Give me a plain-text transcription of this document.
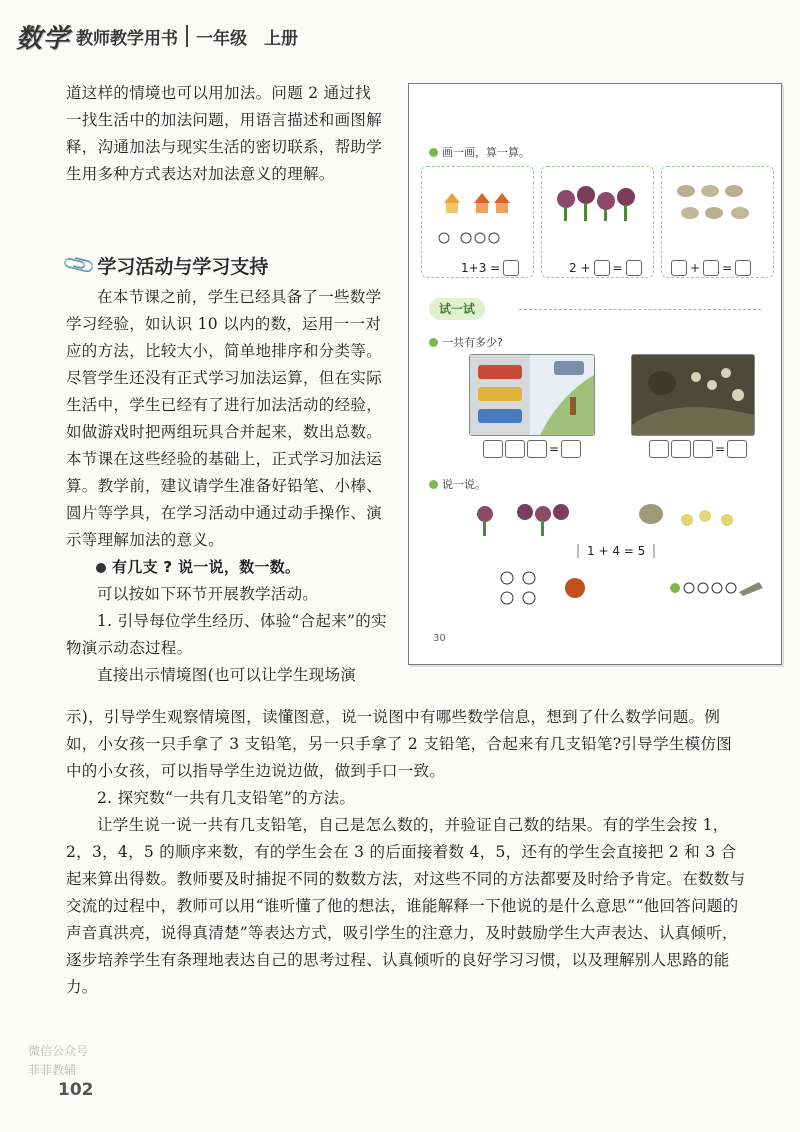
数学 教师教学用书 一年级　上册

道这样的情境也可以用加法。问题 2 通过找一找生活中的加法问题，用语言描述和画图解释，沟通加法与现实生活的密切联系，帮助学生用多种方式表达对加法意义的理解。

📎 学习活动与学习支持

在本节课之前，学生已经具备了一些数学学习经验，如认识 10 以内的数，运用一一对应的方法，比较大小，简单地排序和分类等。尽管学生还没有正式学习加法运算，但在实际生活中，学生已经有了进行加法活动的经验，如做游戏时把两组玩具合并起来，数出总数。本节课在这些经验的基础上，正式学习加法运算。教学前，建议请学生准备好铅笔、小棒、圆片等学具，在学习活动中通过动手操作、演示等理解加法的意义。

有几支 ? 说一说，数一数。

可以按如下环节开展教学活动。

1. 引导每位学生经历、体验“合起来”的实物演示动态过程。

直接出示情境图(也可以让学生现场演

示)，引导学生观察情境图，读懂图意，说一说图中有哪些数学信息，想到了什么数学问题。例如，小女孩一只手拿了 3 支铅笔，另一只手拿了 2 支铅笔，合起来有几支铅笔?引导学生模仿图中的小女孩，可以指导学生边说边做，做到手口一致。

2. 探究数“一共有几支铅笔”的方法。

让学生说一说一共有几支铅笔，自己是怎么数的，并验证自己数的结果。有的学生会按 1，2，3，4，5 的顺序来数，有的学生会在 3 的后面接着数 4，5，还有的学生会直接把 2 和 3 合起来算出得数。教师要及时捕捉不同的数数方法，对这些不同的方法都要及时给予肯定。在数数与交流的过程中，教师可以用“谁听懂了他的想法，谁能解释一下他说的是什么意思”“他回答问题的声音真洪亮，说得真清楚”等表达方式，吸引学生的注意力，及时鼓励学生大声表达、认真倾听，逐步培养学生有条理地表达自己的思考过程、认真倾听的良好学习习惯，以及理解别人思路的能力。

画一画，算一算。
1+3 =	2 + =	+ =
试一试
一共有多少?
=	=
说一说。
1 + 4 = 5
30
微信公众号
菲菲教辅
102
